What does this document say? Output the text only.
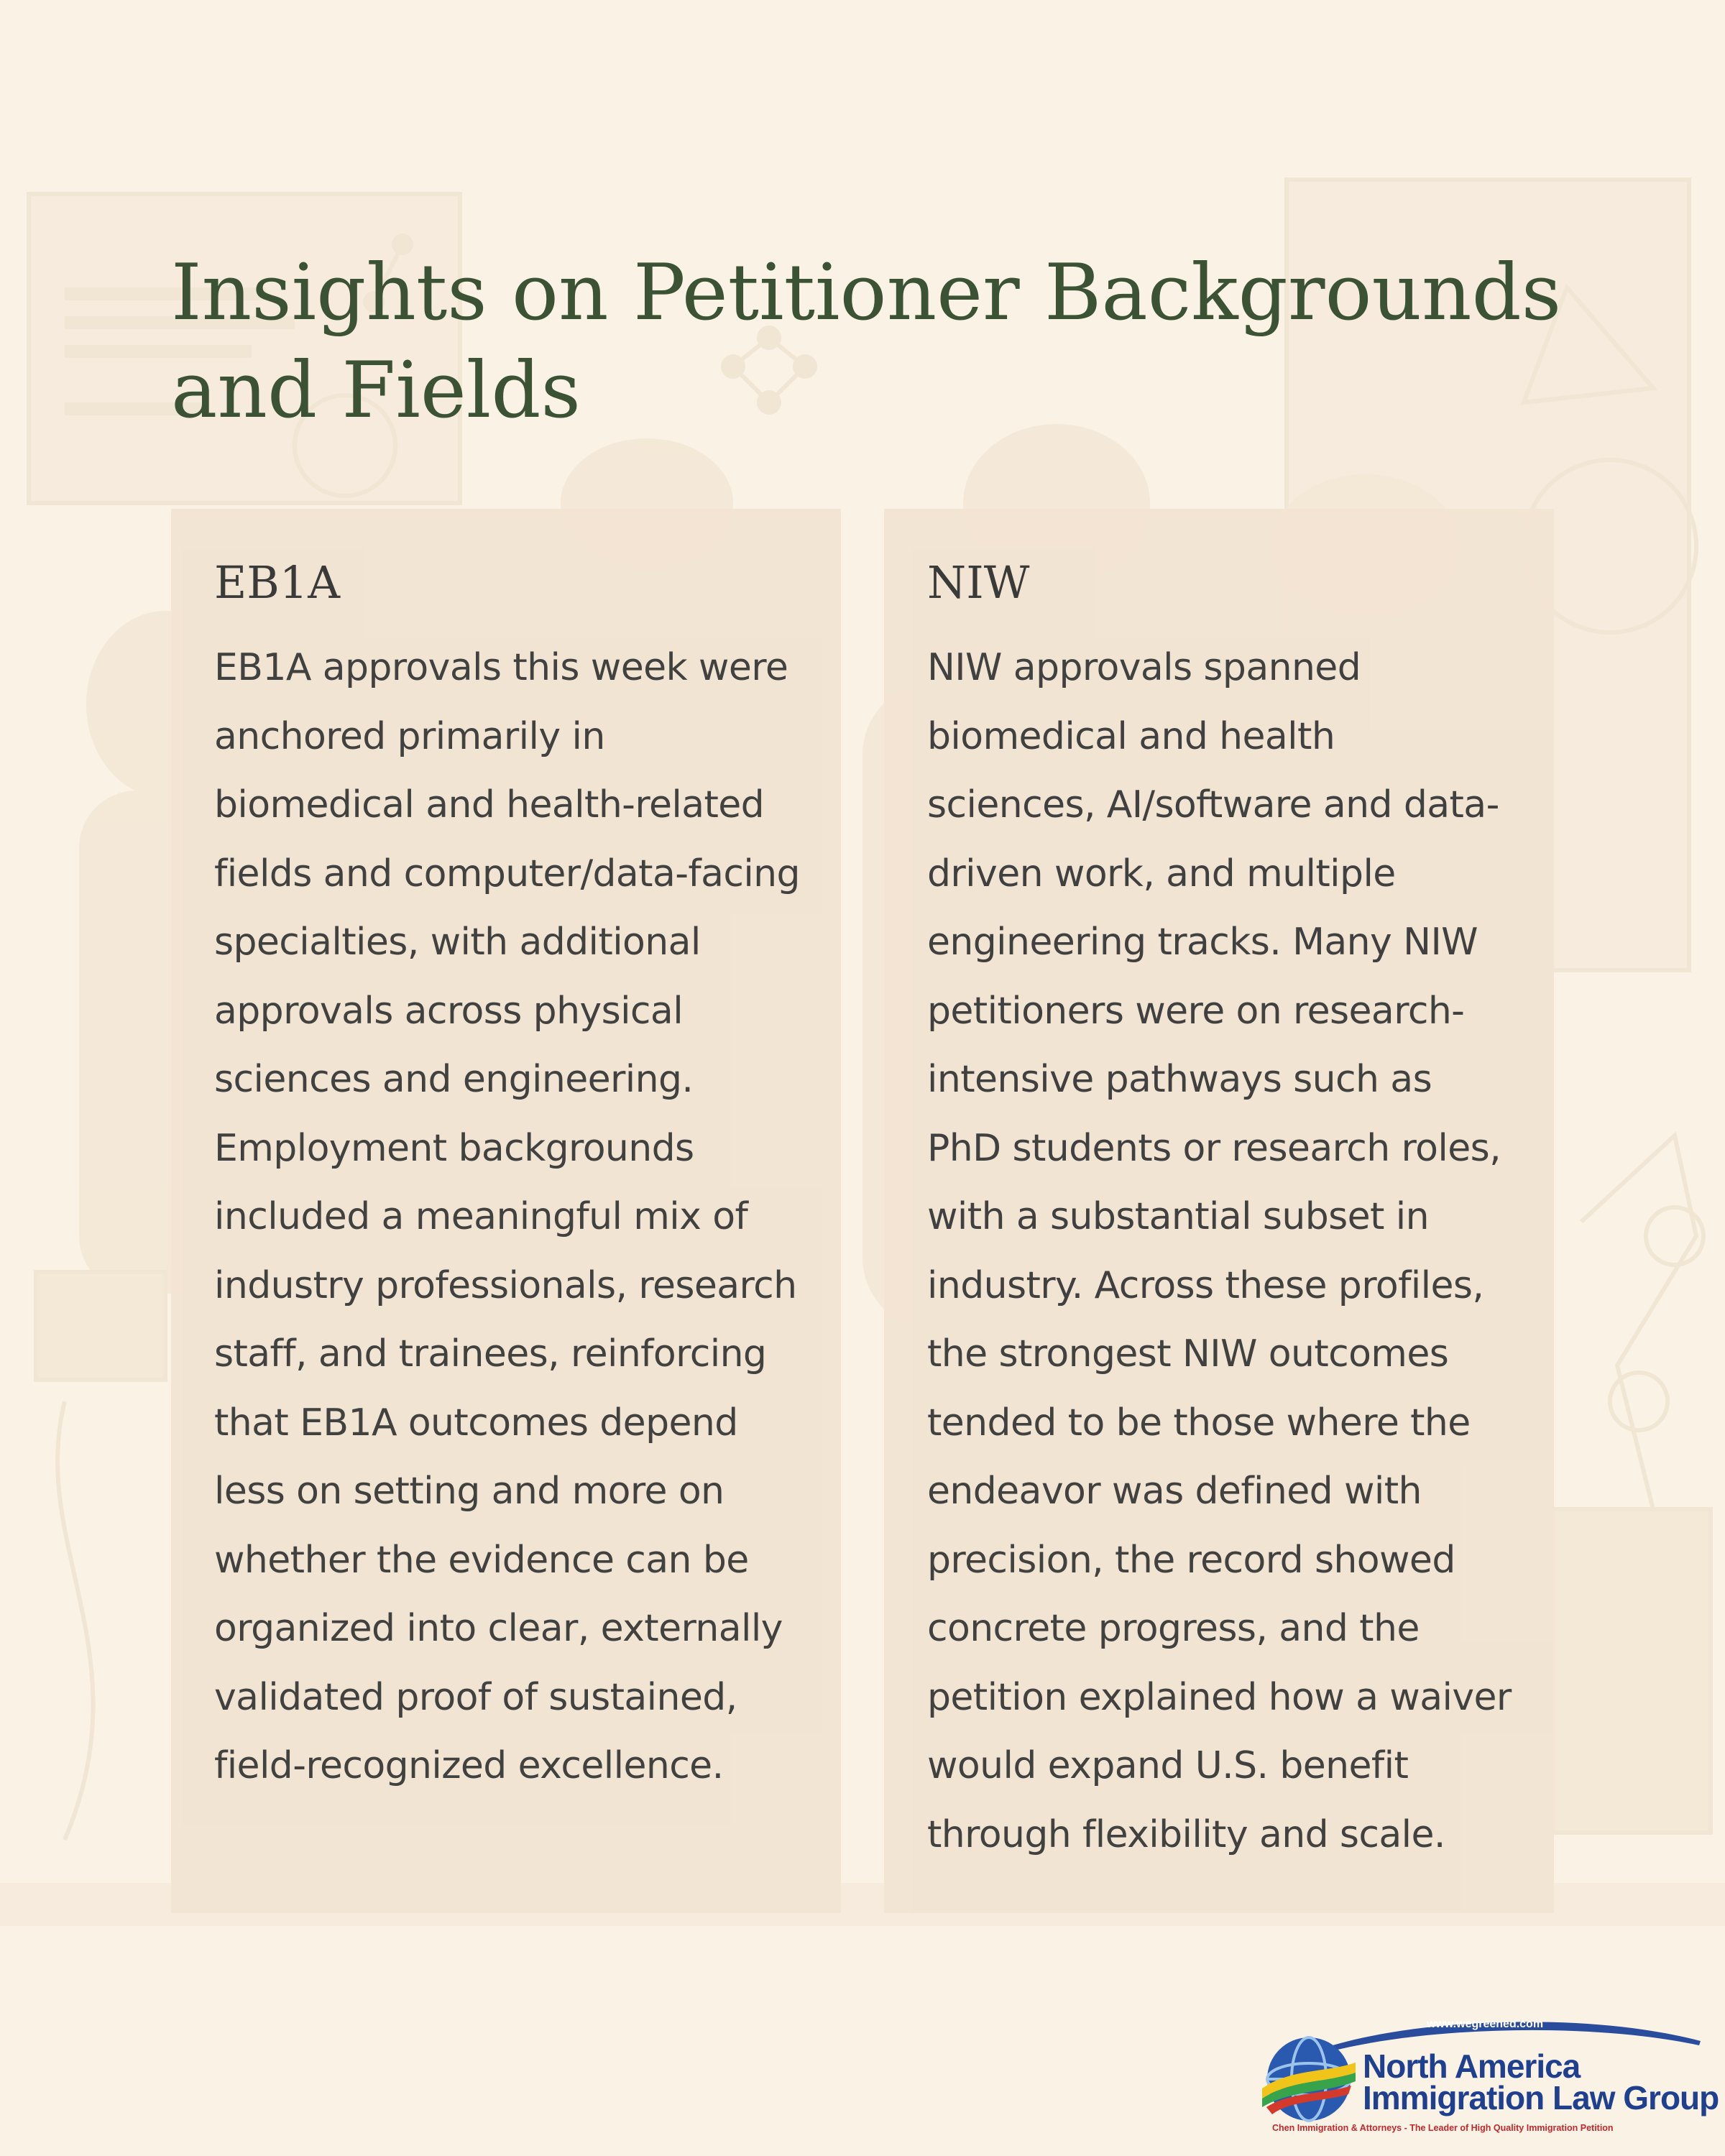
Insights on Petitioner Backgrounds and Fields
EB1A

EB1A approvals this week were anchored primarily in biomedical and health-related fields and computer/data-facing specialties, with additional approvals across physical sciences and engineering. Employment backgrounds included a meaningful mix of industry professionals, research staff, and trainees, reinforcing that EB1A outcomes depend less on setting and more on whether the evidence can be organized into clear, externally validated proof of sustained, field-recognized excellence.

NIW

NIW approvals spanned biomedical and health sciences, AI/software and data-driven work, and multiple engineering tracks. Many NIW petitioners were on research-intensive pathways such as PhD students or research roles, with a substantial subset in industry. Across these profiles, the strongest NIW outcomes tended to be those where the endeavor was defined with precision, the record showed concrete progress, and the petition explained how a waiver would expand U.S. benefit through flexibility and scale.

www.wegreened.com
North America
Immigration Law Group
Chen Immigration & Attorneys - The Leader of High Quality Immigration Petition
